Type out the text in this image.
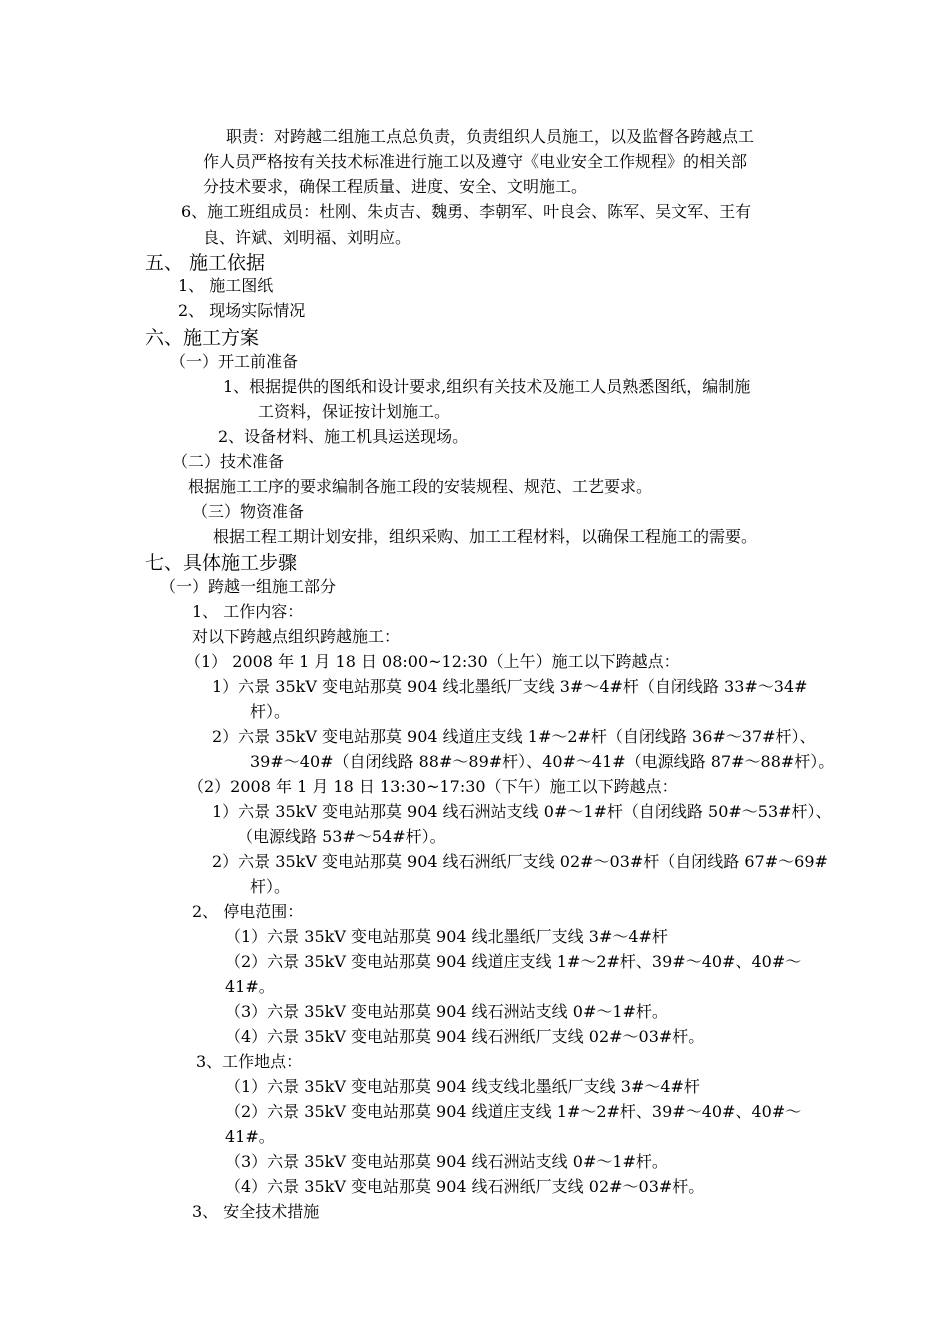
职责：对跨越二组施工点总负责，负责组织人员施工，以及监督各跨越点工
作人员严格按有关技术标准进行施工以及遵守《电业安全工作规程》的相关部
分技术要求，确保工程质量、进度、安全、文明施工。
6、施工班组成员：杜刚、朱贞吉、魏勇、李朝军、叶良会、陈军、吴文军、王有
良、许斌、刘明福、刘明应。
五、 施工依据
1、 施工图纸
2、 现场实际情况
六、施工方案
（一）开工前准备
1、根据提供的图纸和设计要求,组织有关技术及施工人员熟悉图纸，编制施
工资料，保证按计划施工。
2、设备材料、施工机具运送现场。
（二）技术准备
根据施工工序的要求编制各施工段的安装规程、规范、工艺要求。
（三）物资准备
根据工程工期计划安排，组织采购、加工工程材料，以确保工程施工的需要。
七、具体施工步骤
（一）跨越一组施工部分
1、 工作内容：
对以下跨越点组织跨越施工：
（1） 2008 年 1 月 18 日 08:00~12:30（上午）施工以下跨越点：
1）六景 35kV 变电站那莫 904 线北墨纸厂支线 3#～4#杆（自闭线路 33#～34#
杆）。
2）六景 35kV 变电站那莫 904 线道庄支线 1#～2#杆（自闭线路 36#～37#杆）、
39#～40#（自闭线路 88#～89#杆）、40#～41#（电源线路 87#～88#杆）。
（2）2008 年 1 月 18 日 13:30~17:30（下午）施工以下跨越点：
1）六景 35kV 变电站那莫 904 线石洲站支线 0#～1#杆（自闭线路 50#～53#杆）、
（电源线路 53#～54#杆）。
2）六景 35kV 变电站那莫 904 线石洲纸厂支线 02#～03#杆（自闭线路 67#～69#
杆）。
2、 停电范围：
（1）六景 35kV 变电站那莫 904 线北墨纸厂支线 3#～4#杆
（2）六景 35kV 变电站那莫 904 线道庄支线 1#～2#杆、39#～40#、40#～
41#。
（3）六景 35kV 变电站那莫 904 线石洲站支线 0#～1#杆。
（4）六景 35kV 变电站那莫 904 线石洲纸厂支线 02#～03#杆。
3、工作地点：
（1）六景 35kV 变电站那莫 904 线支线北墨纸厂支线 3#～4#杆
（2）六景 35kV 变电站那莫 904 线道庄支线 1#～2#杆、39#～40#、40#～
41#。
（3）六景 35kV 变电站那莫 904 线石洲站支线 0#～1#杆。
（4）六景 35kV 变电站那莫 904 线石洲纸厂支线 02#～03#杆。
3、 安全技术措施
